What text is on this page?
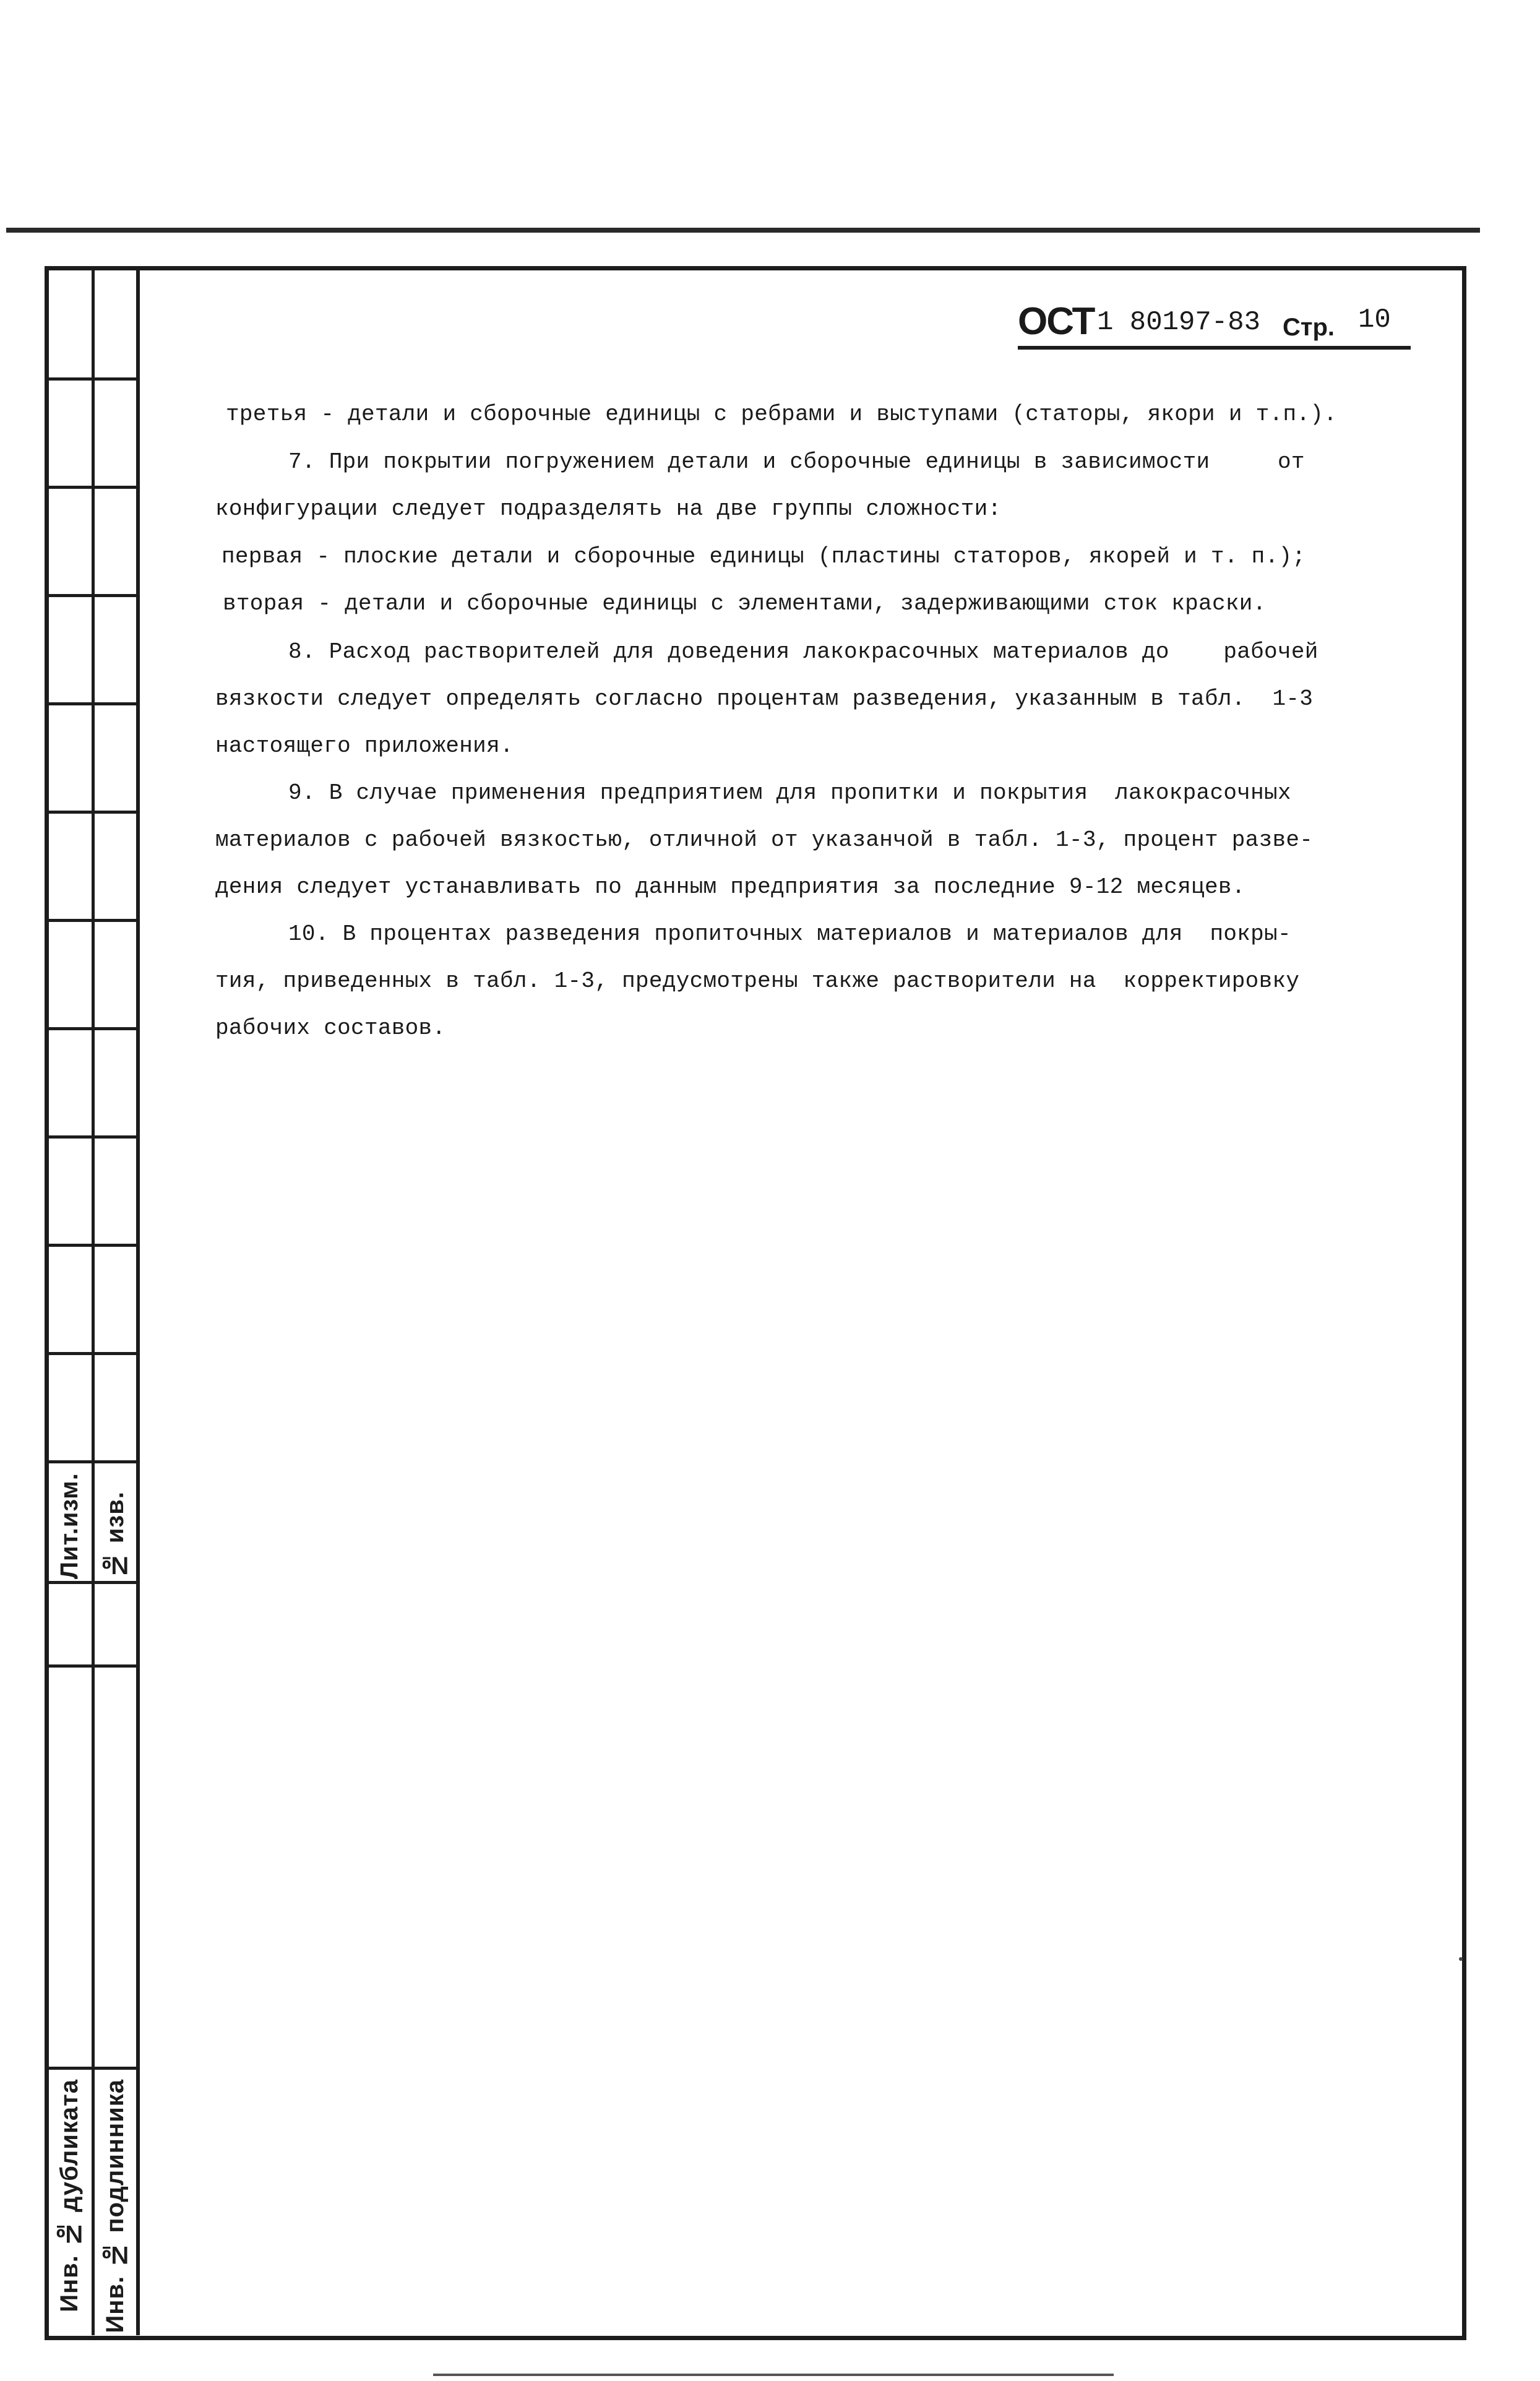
Лит.изм. № изв.
Инв. № дубликата Инв. № подлинника
ОСТ 1 80197-83 Стр. 10
третья - детали и сборочные единицы с ребрами и выступами (статоры, якори и т.п.).
7. При покрытии погружением детали и сборочные единицы в зависимости     от
конфигурации следует подразделять на две группы сложности:
первая - плоские детали и сборочные единицы (пластины статоров, якорей и т. п.);
вторая - детали и сборочные единицы с элементами, задерживающими сток краски.
8. Расход растворителей для доведения лакокрасочных материалов до    рабочей
вязкости следует определять согласно процентам разведения, указанным в табл.  1-3
настоящего приложения.
9. В случае применения предприятием для пропитки и покрытия  лакокрасочных
материалов с рабочей вязкостью, отличной от указанчой в табл. 1-3, процент разве-
дения следует устанавливать по данным предприятия за последние 9-12 месяцев.
10. В процентах разведения пропиточных материалов и материалов для  покры-
тия, приведенных в табл. 1-3, предусмотрены также растворители на  корректировку
рабочих составов.
